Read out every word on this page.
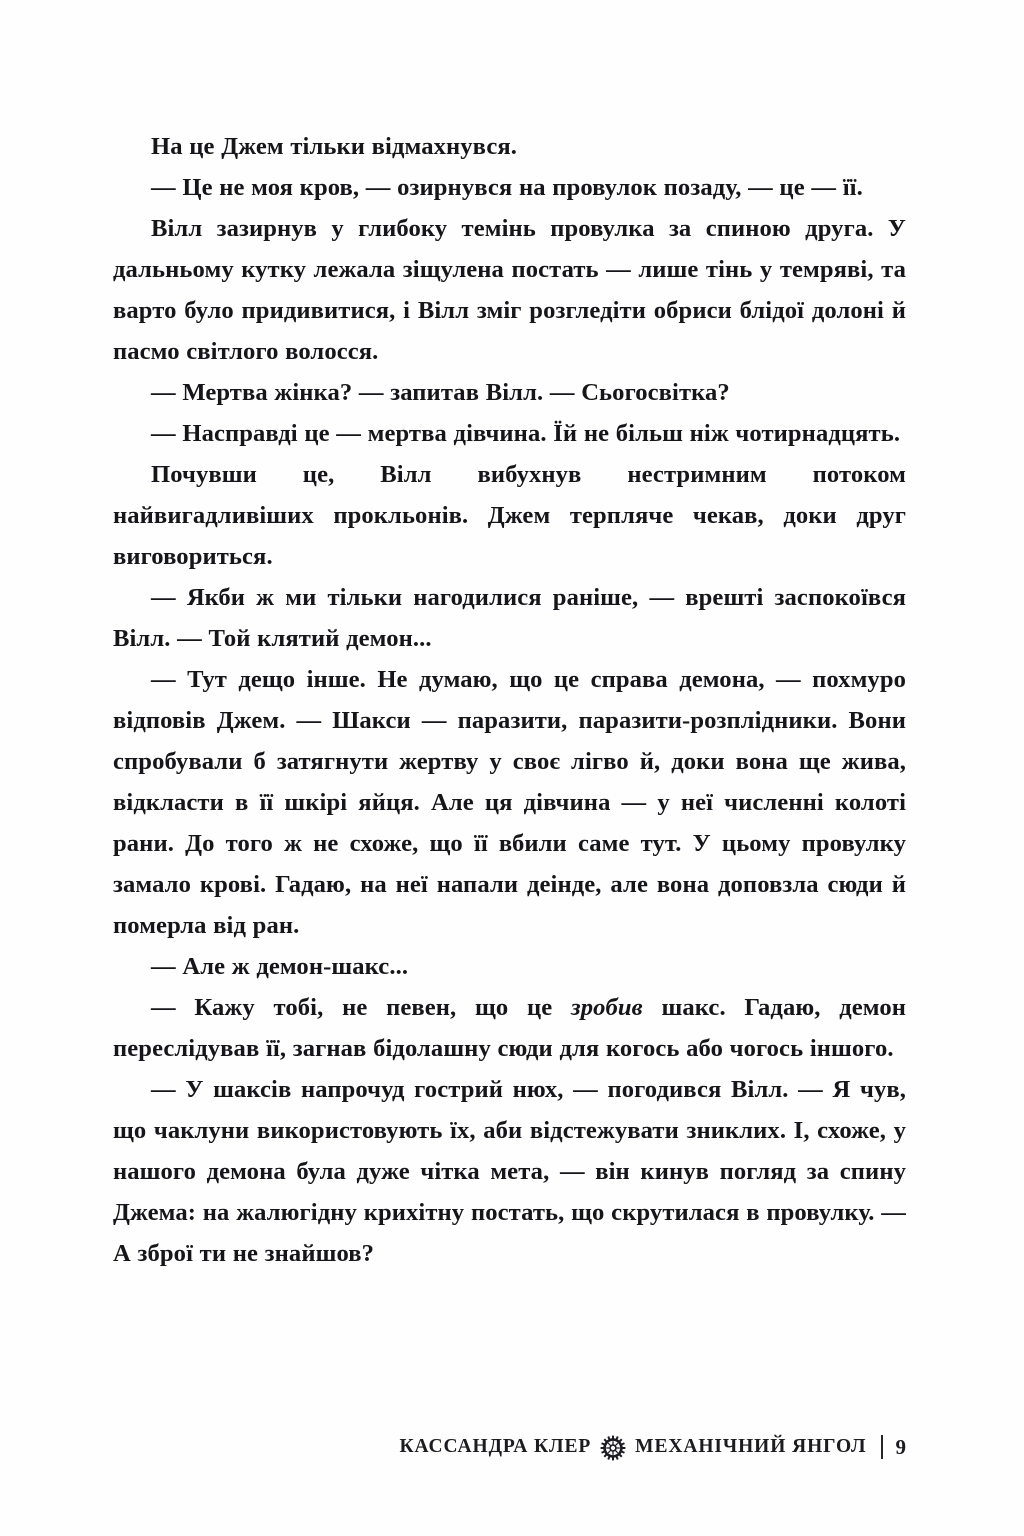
На це Джем тільки відмахнувся.

— Це не моя кров, — озирнувся на провулок позаду, — це — її.

Вілл зазирнув у глибоку темінь провулка за спиною друга. У дальньому кутку лежала зіщулена постать — лише тінь у темряві, та варто було придивитися, і Вілл зміг розгледіти обриси блідої долоні й пасмо світлого волосся.

— Мертва жінка? — запитав Вілл. — Сьогосвітка?

— Насправді це — мертва дівчина. Їй не більш ніж чотирнадцять.

Почувши це, Вілл вибухнув нестримним потоком найвигадливіших прокльонів. Джем терпляче чекав, доки друг виговориться.

— Якби ж ми тільки нагодилися раніше, — врешті заспокоївся Вілл. — Той клятий демон...

— Тут дещо інше. Не думаю, що це справа демона, — похмуро відповів Джем. — Шакси — паразити, паразити-розплідники. Вони спробували б затягнути жертву у своє лігво й, доки вона ще жива, відкласти в її шкірі яйця. Але ця дівчина — у неї численні колоті рани. До того ж не схоже, що її вбили саме тут. У цьому провулку замало крові. Гадаю, на неї напали деінде, але вона доповзла сюди й померла від ран.

— Але ж демон-шакс...

— Кажу тобі, не певен, що це зробив шакс. Гадаю, демон переслідував її, загнав бідолашну сюди для когось або чогось іншого.

— У шаксів напрочуд гострий нюх, — погодився Вілл. — Я чув, що чаклуни використовують їх, аби відстежувати зниклих. І, схоже, у нашого демона була дуже чітка мета, — він кинув погляд за спину Джема: на жалюгідну крихітну постать, що скрутилася в провулку. — А зброї ти не знайшов?

КАССАНДРА КЛЕР МЕХАНІЧНИЙ ЯНГОЛ 9
